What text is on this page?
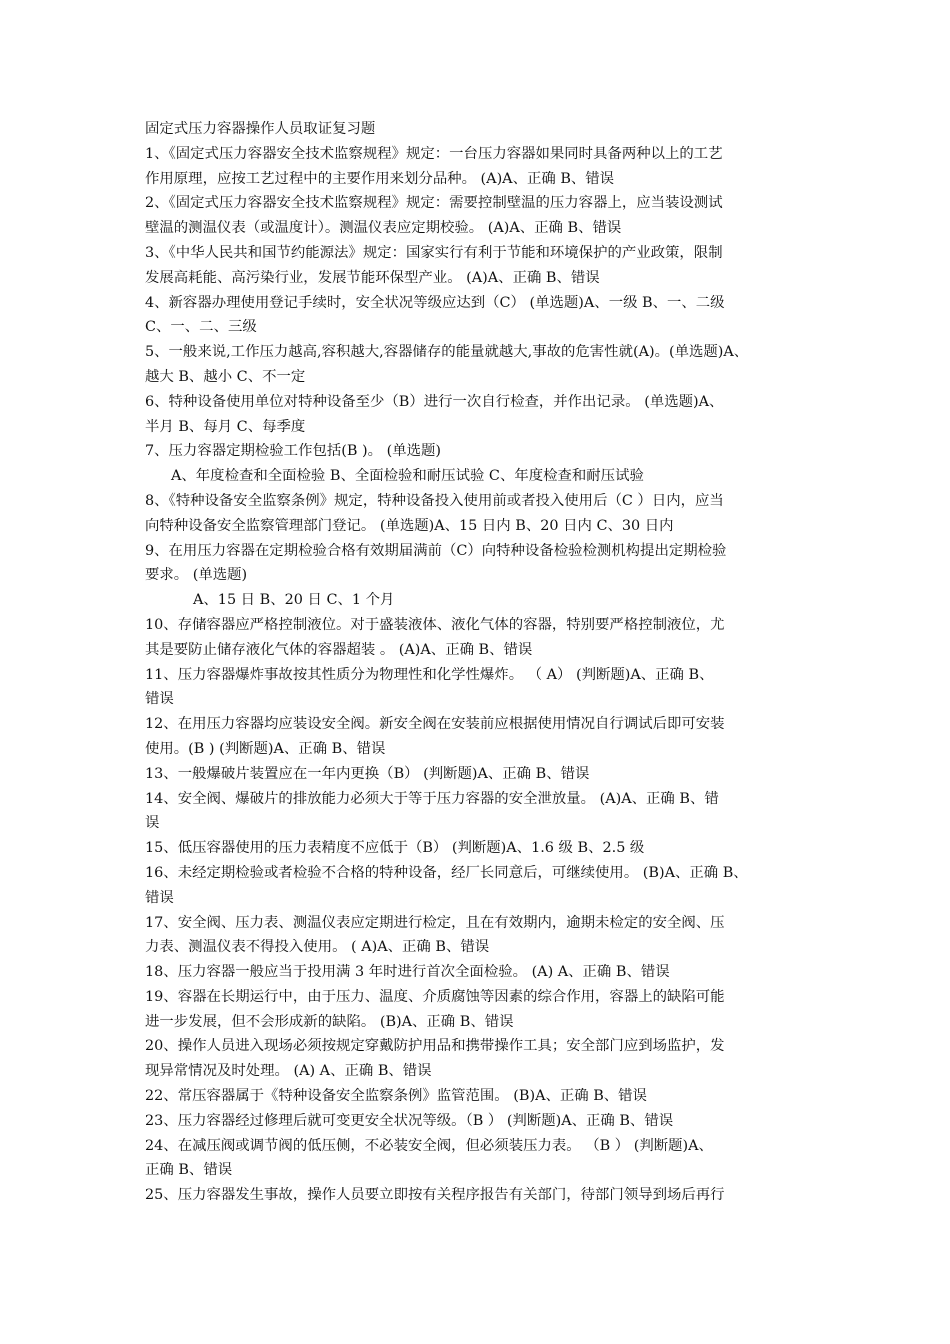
固定式压力容器操作人员取证复习题
1、《固定式压力容器安全技术监察规程》规定：一台压力容器如果同时具备两种以上的工艺
作用原理，应按工艺过程中的主要作用来划分品种。 (A)A、正确 B、错误
2、《固定式压力容器安全技术监察规程》规定：需要控制壁温的压力容器上，应当装设测试
壁温的测温仪表（或温度计）。测温仪表应定期校验。 (A)A、正确 B、错误
3、《中华人民共和国节约能源法》规定：国家实行有利于节能和环境保护的产业政策，限制
发展高耗能、高污染行业，发展节能环保型产业。 (A)A、正确 B、错误
4、新容器办理使用登记手续时，安全状况等级应达到（C） (单选题)A、一级 B、一、二级
C、一、二、三级
5、一般来说,工作压力越高,容积越大,容器储存的能量就越大,事故的危害性就(A)。(单选题)A、
越大 B、越小 C、不一定
6、特种设备使用单位对特种设备至少（B）进行一次自行检查，并作出记录。 (单选题)A、
半月 B、每月 C、每季度
7、压力容器定期检验工作包括(B )。 (单选题)
A、年度检查和全面检验 B、全面检验和耐压试验 C、年度检查和耐压试验
8、《特种设备安全监察条例》规定，特种设备投入使用前或者投入使用后（C ）日内，应当
向特种设备安全监察管理部门登记。 (单选题)A、15 日内 B、20 日内 C、30 日内
9、在用压力容器在定期检验合格有效期届满前（C）向特种设备检验检测机构提出定期检验
要求。 (单选题)
A、15 日 B、20 日 C、1 个月
10、存储容器应严格控制液位。对于盛装液体、液化气体的容器，特别要严格控制液位，尤
其是要防止储存液化气体的容器超装 。 (A)A、正确 B、错误
11、压力容器爆炸事故按其性质分为物理性和化学性爆炸。 （ A） (判断题)A、正确 B、
错误
12、在用压力容器均应装设安全阀。新安全阀在安装前应根据使用情况自行调试后即可安装
使用。(B ) (判断题)A、正确 B、错误
13、一般爆破片装置应在一年内更换（B） (判断题)A、正确 B、错误
14、安全阀、爆破片的排放能力必须大于等于压力容器的安全泄放量。 (A)A、正确 B、错
误
15、低压容器使用的压力表精度不应低于（B） (判断题)A、1.6 级 B、2.5 级
16、未经定期检验或者检验不合格的特种设备，经厂长同意后，可继续使用。 (B)A、正确 B、
错误
17、安全阀、压力表、测温仪表应定期进行检定，且在有效期内，逾期未检定的安全阀、压
力表、测温仪表不得投入使用。 ( A)A、正确 B、错误
18、压力容器一般应当于投用满 3 年时进行首次全面检验。 (A) A、正确 B、错误
19、容器在长期运行中，由于压力、温度、介质腐蚀等因素的综合作用，容器上的缺陷可能
进一步发展，但不会形成新的缺陷。 (B)A、正确 B、错误
20、操作人员进入现场必须按规定穿戴防护用品和携带操作工具；安全部门应到场监护，发
现异常情况及时处理。 (A) A、正确 B、错误
22、常压容器属于《特种设备安全监察条例》监管范围。 (B)A、正确 B、错误
23、压力容器经过修理后就可变更安全状况等级。（B ） (判断题)A、正确 B、错误
24、在减压阀或调节阀的低压侧，不必装安全阀，但必须装压力表。 （B ） (判断题)A、
正确 B、错误
25、压力容器发生事故，操作人员要立即按有关程序报告有关部门，待部门领导到场后再行
